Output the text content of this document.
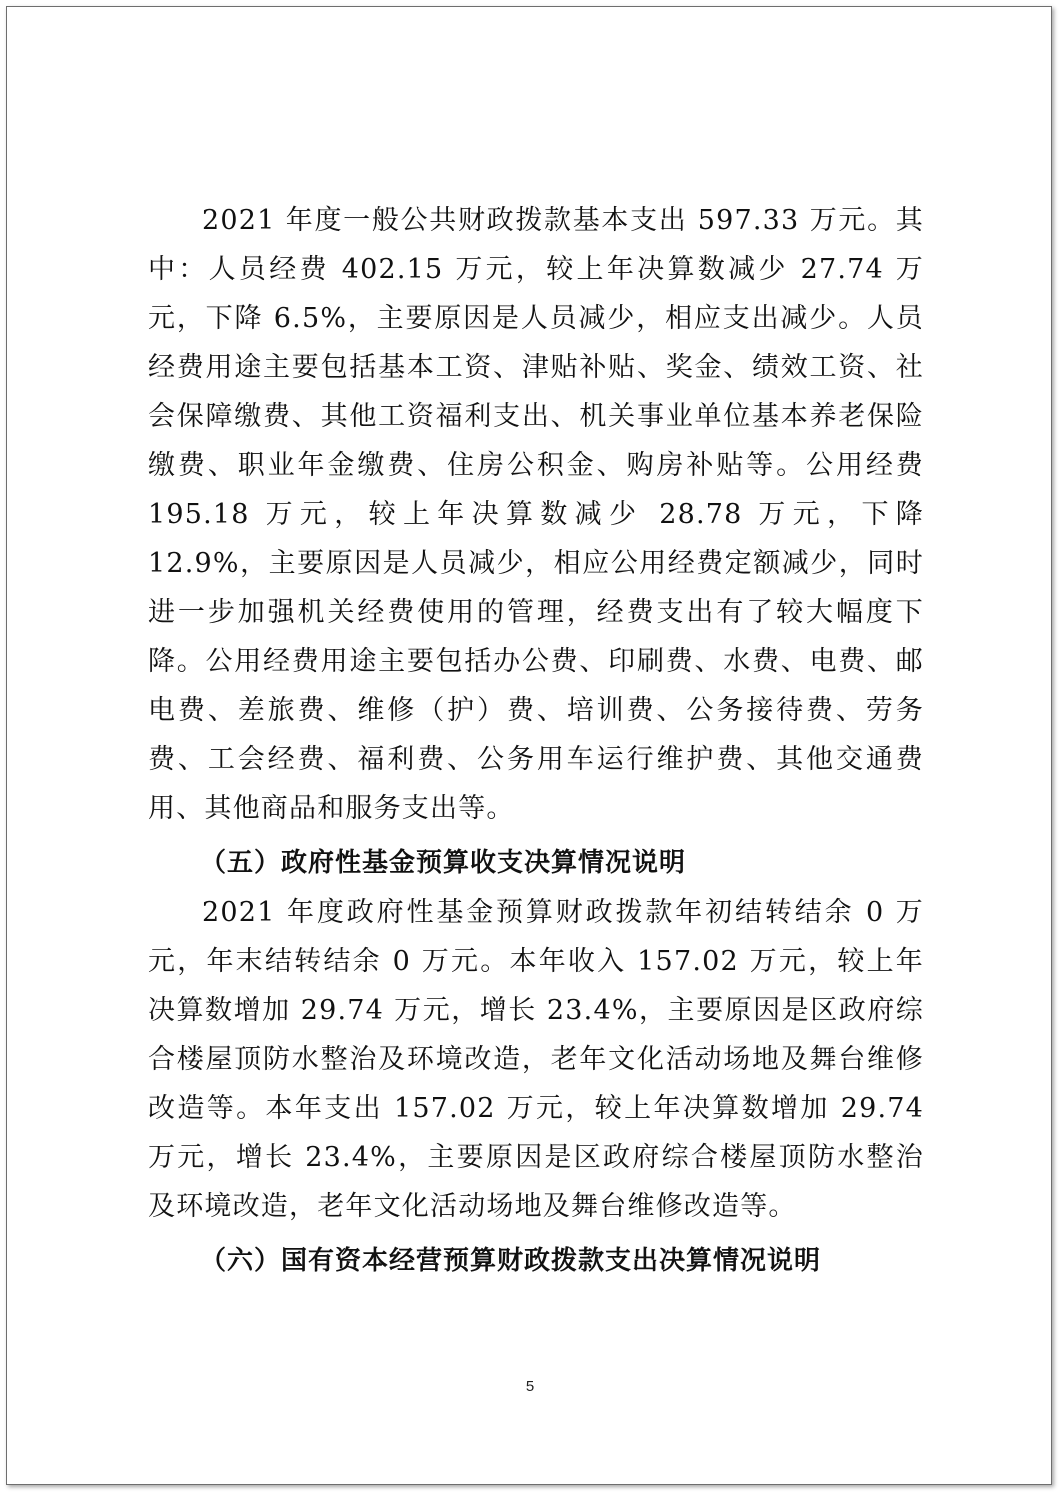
2021 年度一般公共财政拨款基本支出 597.33 万元。其中：人员经费 402.15 万元，较上年决算数减少 27.74 万元，下降 6.5%，主要原因是人员减少，相应支出减少。人员经费用途主要包括基本工资、津贴补贴、奖金、绩效工资、社会保障缴费、其他工资福利支出、机关事业单位基本养老保险缴费、职业年金缴费、住房公积金、购房补贴等。公用经费 195.18 万元，较上年决算数减少 28.78 万元，下降 12.9%，主要原因是人员减少，相应公用经费定额减少，同时进一步加强机关经费使用的管理，经费支出有了较大幅度下降。公用经费用途主要包括办公费、印刷费、水费、电费、邮电费、差旅费、维修（护）费、培训费、公务接待费、劳务费、工会经费、福利费、公务用车运行维护费、其他交通费用、其他商品和服务支出等。

（五）政府性基金预算收支决算情况说明

2021 年度政府性基金预算财政拨款年初结转结余 0 万元，年末结转结余 0 万元。本年收入 157.02 万元，较上年决算数增加 29.74 万元，增长 23.4%，主要原因是区政府综合楼屋顶防水整治及环境改造，老年文化活动场地及舞台维修改造等。本年支出 157.02 万元，较上年决算数增加 29.74 万元，增长 23.4%，主要原因是区政府综合楼屋顶防水整治及环境改造，老年文化活动场地及舞台维修改造等。

（六）国有资本经营预算财政拨款支出决算情况说明

5
